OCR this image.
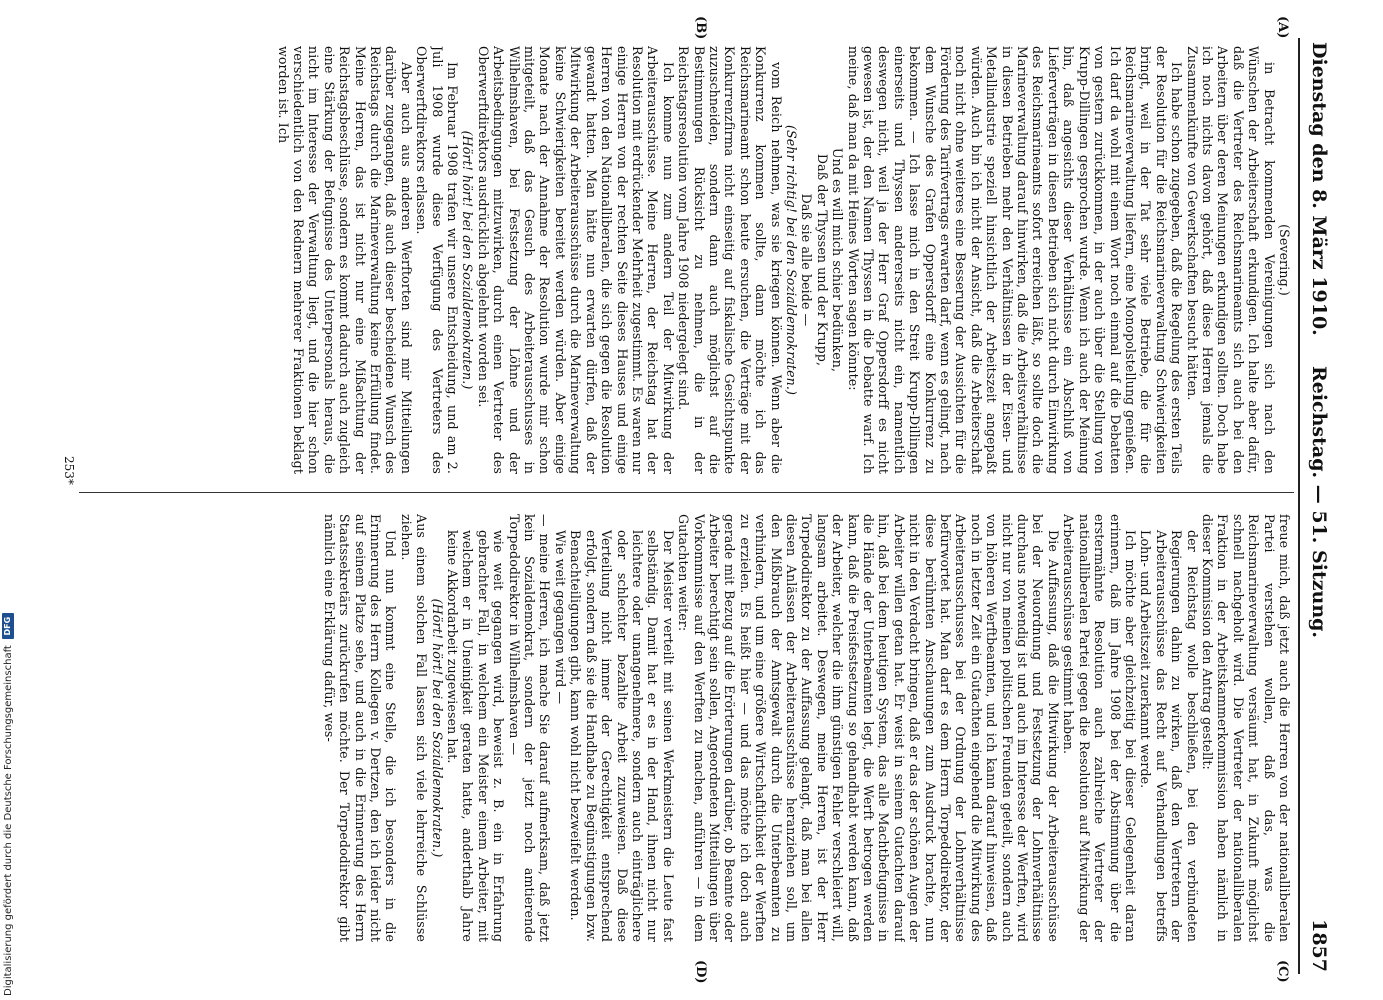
Dienstag den 8. März 1910.
Reichstag. — 51. Sitzung.
1857
(A)
(B)
(C)
(D)

(Severing.)

in Betracht kommenden Vereinigungen sich nach den Wünschen der Arbeiterschaft erkundigen. Ich halte aber dafür, daß die Vertreter des Reichsmarineamts sich auch bei den Arbeitern über deren Meinungen erkundigen sollten. Doch habe ich noch nichts davon gehört, daß diese Herren jemals die Zusammenkünfte von Gewerkschaften besucht hätten.

Ich habe schon zugegeben, daß die Regelung des ersten Teils der Resolution für die Reichsmarineverwaltung Schwierigkeiten bringt, weil in der Tat sehr viele Betriebe, die für die Reichsmarineverwaltung liefern, eine Monopolstellung genießen. Ich darf da wohl mit einem Wort noch einmal auf die Debatten von gestern zurückkommen, in der auch über die Stellung von Krupp-Dillingen gesprochen wurde. Wenn ich auch der Meinung bin, daß angesichts dieser Verhältnisse ein Abschluß von Lieferverträgen in diesen Betrieben sich nicht durch Einwirkung des Reichsmarineamts sofort erreichen läßt, so sollte doch die Marineverwaltung darauf hinwirken, daß die Arbeitsverhältnisse in diesen Betrieben mehr den Verhältnissen in der Eisen- und Metallindustrie speziell hinsichtlich der Arbeitszeit angepaßt würden. Auch bin ich nicht der Ansicht, daß die Arbeiterschaft noch nicht ohne weiteres eine Besserung der Aussichten für die Förderung des Tarifvertrags erwarten darf, wenn es gelingt, nach dem Wunsche des Grafen Oppersdorff eine Konkurrenz zu bekommen. — Ich lasse mich in den Streit Krupp-Dillingen einerseits und Thyssen andererseits nicht ein, namentlich deswegen nicht, weil ja der Herr Graf Oppersdorff es nicht gewesen ist, der den Namen Thyssen in die Debatte warf. Ich meine, daß man da mit Heines Worten sagen könnte:

Und es will mich schier bedünken,

Daß der Thyssen und der Krupp,

Daß sie alle beide —

(Sehr richtig! bei den Sozialdemokraten.)

vom Reich nehmen, was sie kriegen können. Wenn aber die Konkurrenz kommen sollte, dann möchte ich das Reichsmarineamt schon heute ersuchen, die Verträge mit der Konkurrenzfirma nicht einseitig auf fiskalische Gesichtspunkte zuzuschneiden, sondern dann auch möglichst auf die Bestimmungen Rücksicht zu nehmen, die in der Reichstagsresolution vom Jahre 1908 niedergelegt sind.

Ich komme nun zum andern Teil der Mitwirkung der Arbeiterausschüsse. Meine Herren, der Reichstag hat der Resolution mit erdrückender Mehrheit zugestimmt. Es waren nur einige Herren von der rechten Seite dieses Hauses und einige Herren von den Nationalliberalen, die sich gegen die Resolution gewandt hatten. Man hätte nun erwarten dürfen, daß der Mitwirkung der Arbeiterausschüsse durch die Marineverwaltung keine Schwierigkeiten bereitet werden würden. Aber einige Monate nach der Annahme der Resolution wurde mir schon mitgeteilt, daß das Gesuch des Arbeiterausschusses in Wilhelmshaven, bei Festsetzung der Löhne und der Arbeitsbedingungen mitzuwirken, durch einen Vertreter des Oberwerftdirektors ausdrücklich abgelehnt worden sei.

(Hört! hört! bei den Sozialdemokraten.)

Im Februar 1908 trafen wir unsere Entscheidung, und am 2. Juli 1908 wurde diese Verfügung des Vertreters des Oberwerftdirektors erlassen.

Aber auch aus anderen Werftorten sind mir Mitteilungen darüber zugegangen, daß auch dieser bescheidene Wunsch des Reichstags durch die Marineverwaltung keine Erfüllung findet. Meine Herren, das ist nicht nur eine Mißachtung der Reichstagsbeschlüsse, sondern es kommt dadurch auch zugleich eine Stärkung der Befugnisse des Unterpersonals heraus, die nicht im Interesse der Verwaltung liegt, und die hier schon verschiedentlich von den Rednern mehrerer Fraktionen beklagt worden ist. Ich

freue mich, daß jetzt auch die Herren von der nationalliberalen Partei verstehen wollen, daß das, was die Reichsmarineverwaltung versäumt hat, in Zukunft möglichst schnell nachgeholt wird. Die Vertreter der nationalliberalen Fraktion in der Arbeitskammerkommission haben nämlich in dieser Kommission den Antrag gestellt:

der Reichstag wolle beschließen, bei den verbündeten Regierungen dahin zu wirken, daß den Vertretern der Arbeiterausschüsse das Recht auf Verhandlungen betreffs Lohn- und Arbeitszeit zuerkannt werde.

Ich möchte aber gleichzeitig bei dieser Gelegenheit daran erinnern, daß im Jahre 1908 bei der Abstimmung über die erstermähnte Resolution auch zahlreiche Vertreter der nationalliberalen Partei gegen die Resolution auf Mitwirkung der Arbeiterausschüsse gestimmt haben.

Die Auffassung, daß die Mitwirkung der Arbeiterausschüsse bei der Neuordnung und Festsetzung der Lohnverhältnisse durchaus notwendig ist und auch im Interesse der Werften, wird nicht nur von meinen politischen Freunden geteilt, sondern auch von höheren Werftbeamten, und ich kann darauf hinweisen, daß noch in letzter Zeit ein Gutachten eingehend die Mitwirkung des Arbeiterausschusses bei der Ordnung der Lohnverhältnisse befürwortet hat. Man darf es dem Herrn Torpedodirektor, der diese berühmten Anschauungen zum Ausdruck brachte, nun nicht in den Verdacht bringen, daß er das der schönen Augen der Arbeiter willen getan hat. Er weist in seinem Gutachten darauf hin, daß bei dem heutigen System, das alle Machtbefugnisse in die Hände der Unterbeamten legt, die Werft betrogen werden kann, daß die Preisfestsetzung so gehandhabt werden kann, daß der Arbeiter, welcher die ihm günstigen Fehler verschleiert will, langsam arbeitet. Deswegen, meine Herren, ist der Herr Torpedodirektor zu der Auffassung gelangt, daß man bei allen diesen Anlässen der Arbeiterausschüsse heranziehen soll, um den Mißbrauch der Amtsgewalt durch die Unterbeamten zu verhindern, und um eine größere Wirtschaftlichkeit der Werften zu erzielen. Es heißt hier — und das möchte ich doch auch gerade mit Bezug auf die Erörterungen darüber, ob Beamte oder Arbeiter berechtigt sein sollen, Angeordneten Mitteilungen über Vorkommnisse auf den Werften zu machen, anführen — in dem Gutachten weiter:

Der Meister verteilt mit seinen Werkmeistern die Leute fast selbständig. Damit hat er es in der Hand, ihnen nicht nur leichtere oder unangenehmere, sondern auch einträglichere oder schlechter bezahlte Arbeit zuzuweisen. Daß diese Verteilung nicht immer der Gerechtigkeit entsprechend erfolgt, sondern daß sie die Handhabe zu Begünstigungen bzw. Benachteiligungen gibt, kann wohl nicht bezweifelt werden.

Wie weit gegangen wird —

— meine Herren, ich mache Sie darauf aufmerksam, daß jetzt kein Sozialdemokrat, sondern der jetzt noch amtierende Torpedodirektor in Wilhelmshaven —

wie weit gegangen wird, beweist z. B. ein in Erfahrung gebrachter Fall, in welchem ein Meister einem Arbeiter, mit welchem er in Uneinigkeit geraten hatte, anderthalb Jahre keine Akkordarbeit zugewiesen hat.

(Hört! hört! bei den Sozialdemokraten.)

Aus einem solchen Fall lassen sich viele lehrreiche Schlüsse ziehen.

Und nun kommt eine Stelle, die ich besonders in die Erinnerung des Herrn Kollegen v. Dertzen, den ich leider nicht auf seinem Platze sehe, und auch in die Erinnerung des Herrn Staatssekretärs zurückrufen möchte. Der Torpedodirektor gibt nämlich eine Erklärung dafür, wes-

253*
Digitalisierung gefördert durch die Deutsche Forschungsgemeinschaft
DFG
